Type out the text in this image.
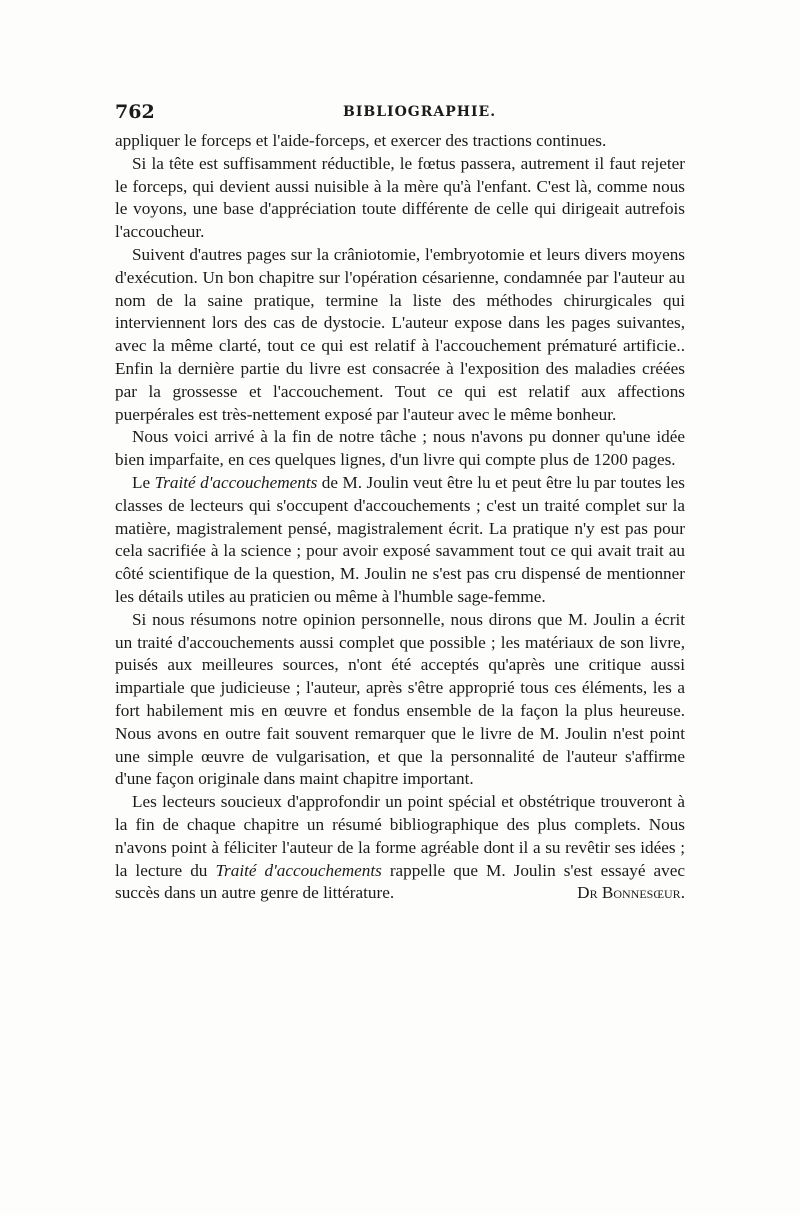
762	BIBLIOGRAPHIE.

appliquer le forceps et l'aide-forceps, et exercer des tractions continues.

Si la tête est suffisamment réductible, le fœtus passera, autrement il faut rejeter le forceps, qui devient aussi nuisible à la mère qu'à l'enfant. C'est là, comme nous le voyons, une base d'appréciation toute différente de celle qui dirigeait autrefois l'accoucheur.

Suivent d'autres pages sur la crâniotomie, l'embryotomie et leurs divers moyens d'exécution. Un bon chapitre sur l'opération césarienne, condamnée par l'auteur au nom de la saine pratique, termine la liste des méthodes chirurgicales qui interviennent lors des cas de dystocie. L'auteur expose dans les pages suivantes, avec la même clarté, tout ce qui est relatif à l'accouchement prématuré artificie.. Enfin la dernière partie du livre est consacrée à l'exposition des maladies créées par la grossesse et l'accouchement. Tout ce qui est relatif aux affections puerpérales est très-nettement exposé par l'auteur avec le même bonheur.

Nous voici arrivé à la fin de notre tâche ; nous n'avons pu donner qu'une idée bien imparfaite, en ces quelques lignes, d'un livre qui compte plus de 1200 pages.

Le Traité d'accouchements de M. Joulin veut être lu et peut être lu par toutes les classes de lecteurs qui s'occupent d'accouchements ; c'est un traité complet sur la matière, magistralement pensé, magistralement écrit. La pratique n'y est pas pour cela sacrifiée à la science ; pour avoir exposé savamment tout ce qui avait trait au côté scientifique de la question, M. Joulin ne s'est pas cru dispensé de mentionner les détails utiles au praticien ou même à l'humble sage-femme.

Si nous résumons notre opinion personnelle, nous dirons que M. Joulin a écrit un traité d'accouchements aussi complet que possible ; les matériaux de son livre, puisés aux meilleures sources, n'ont été acceptés qu'après une critique aussi impartiale que judicieuse ; l'auteur, après s'être approprié tous ces éléments, les a fort habilement mis en œuvre et fondus ensemble de la façon la plus heureuse. Nous avons en outre fait souvent remarquer que le livre de M. Joulin n'est point une simple œuvre de vulgarisation, et que la personnalité de l'auteur s'affirme d'une façon originale dans maint chapitre important.

Les lecteurs soucieux d'approfondir un point spécial et obstétrique trouveront à la fin de chaque chapitre un résumé bibliographique des plus complets. Nous n'avons point à féliciter l'auteur de la forme agréable dont il a su revêtir ses idées ; la lecture du Traité d'accouchements rappelle que M. Joulin s'est essayé avec succès dans un autre genre de littérature.	Dr Bonnesœur.
